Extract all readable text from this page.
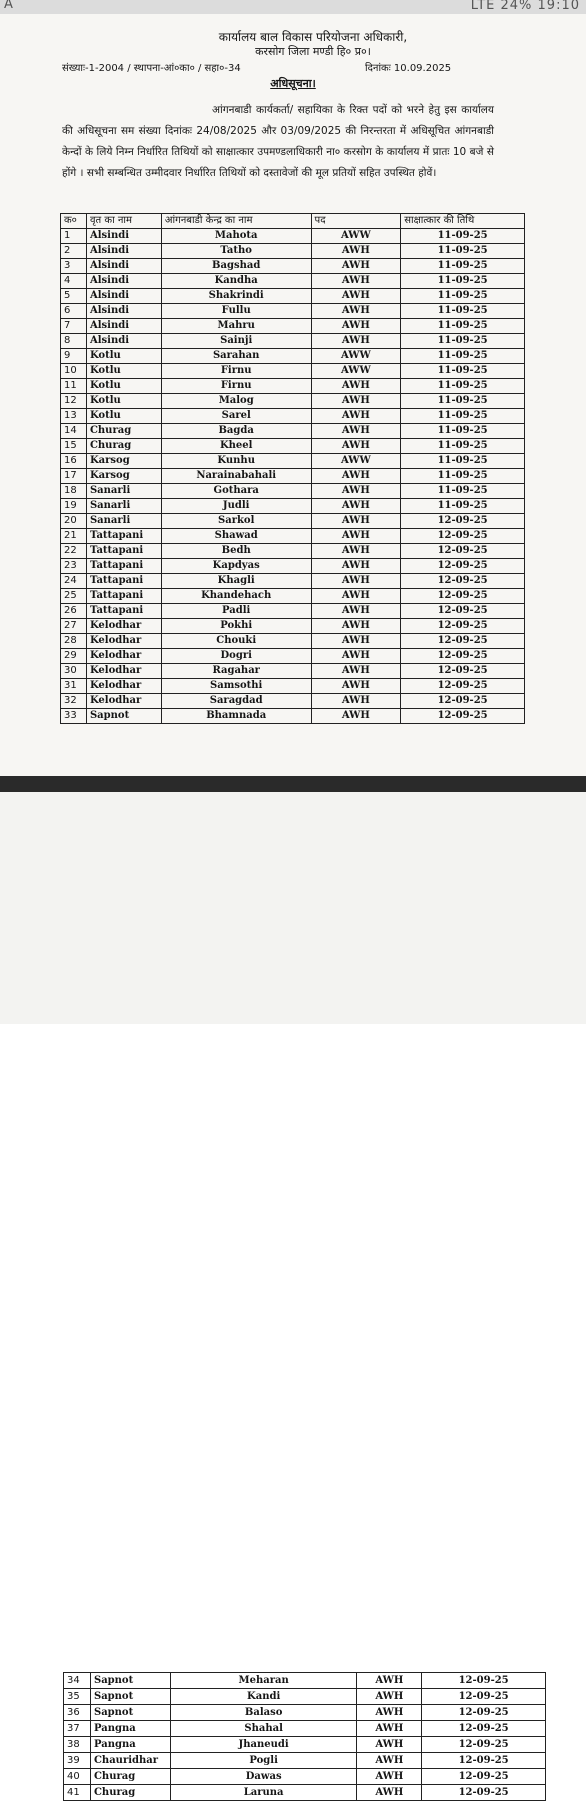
A	LTE 24% 19:10
कार्यालय बाल विकास परियोजना अधिकारी,
करसोग जिला मण्डी हि० प्र०।
संख्याः-1-2004 / स्थापना-आं०का० / सहा०-34	दिनांकः 10.09.2025
अधिसूचना।
आंगनबाडी कार्यकर्ता/ सहायिका के रिक्त पदों को भरने हेतु इस कार्यालय की अधिसूचना सम संख्या दिनांकः 24/08/2025 और 03/09/2025 की निरन्तरता में अधिसूचित आंगनबाडी केन्दों के लिये निम्न निर्धारित तिथियों को साक्षात्कार उपमण्डलाधिकारी ना० करसोग के कार्यालय में प्रातः 10 बजे से होंगे । सभी सम्बन्धित उम्मीदवार निर्धारित तिथियों को दस्तावेजों की मूल प्रतियों सहित उपस्थित होवें।
क०	वृत का नाम	आंगनबाडी केन्द्र का नाम	पद	साक्षात्कार की तिथि
1	Alsindi	Mahota	AWW	11-09-25
2	Alsindi	Tatho	AWH	11-09-25
3	Alsindi	Bagshad	AWH	11-09-25
4	Alsindi	Kandha	AWH	11-09-25
5	Alsindi	Shakrindi	AWH	11-09-25
6	Alsindi	Fullu	AWH	11-09-25
7	Alsindi	Mahru	AWH	11-09-25
8	Alsindi	Sainji	AWH	11-09-25
9	Kotlu	Sarahan	AWW	11-09-25
10	Kotlu	Firnu	AWW	11-09-25
11	Kotlu	Firnu	AWH	11-09-25
12	Kotlu	Malog	AWH	11-09-25
13	Kotlu	Sarel	AWH	11-09-25
14	Churag	Bagda	AWH	11-09-25
15	Churag	Kheel	AWH	11-09-25
16	Karsog	Kunhu	AWW	11-09-25
17	Karsog	Narainabahali	AWH	11-09-25
18	Sanarli	Gothara	AWH	11-09-25
19	Sanarli	Judli	AWH	11-09-25
20	Sanarli	Sarkol	AWH	12-09-25
21	Tattapani	Shawad	AWH	12-09-25
22	Tattapani	Bedh	AWH	12-09-25
23	Tattapani	Kapdyas	AWH	12-09-25
24	Tattapani	Khagli	AWH	12-09-25
25	Tattapani	Khandehach	AWH	12-09-25
26	Tattapani	Padli	AWH	12-09-25
27	Kelodhar	Pokhi	AWH	12-09-25
28	Kelodhar	Chouki	AWH	12-09-25
29	Kelodhar	Dogri	AWH	12-09-25
30	Kelodhar	Ragahar	AWH	12-09-25
31	Kelodhar	Samsothi	AWH	12-09-25
32	Kelodhar	Saragdad	AWH	12-09-25
33	Sapnot	Bhamnada	AWH	12-09-25
34	Sapnot	Meharan	AWH	12-09-25
35	Sapnot	Kandi	AWH	12-09-25
36	Sapnot	Balaso	AWH	12-09-25
37	Pangna	Shahal	AWH	12-09-25
38	Pangna	Jhaneudi	AWH	12-09-25
39	Chauridhar	Pogli	AWH	12-09-25
40	Churag	Dawas	AWH	12-09-25
41	Churag	Laruna	AWH	12-09-25
